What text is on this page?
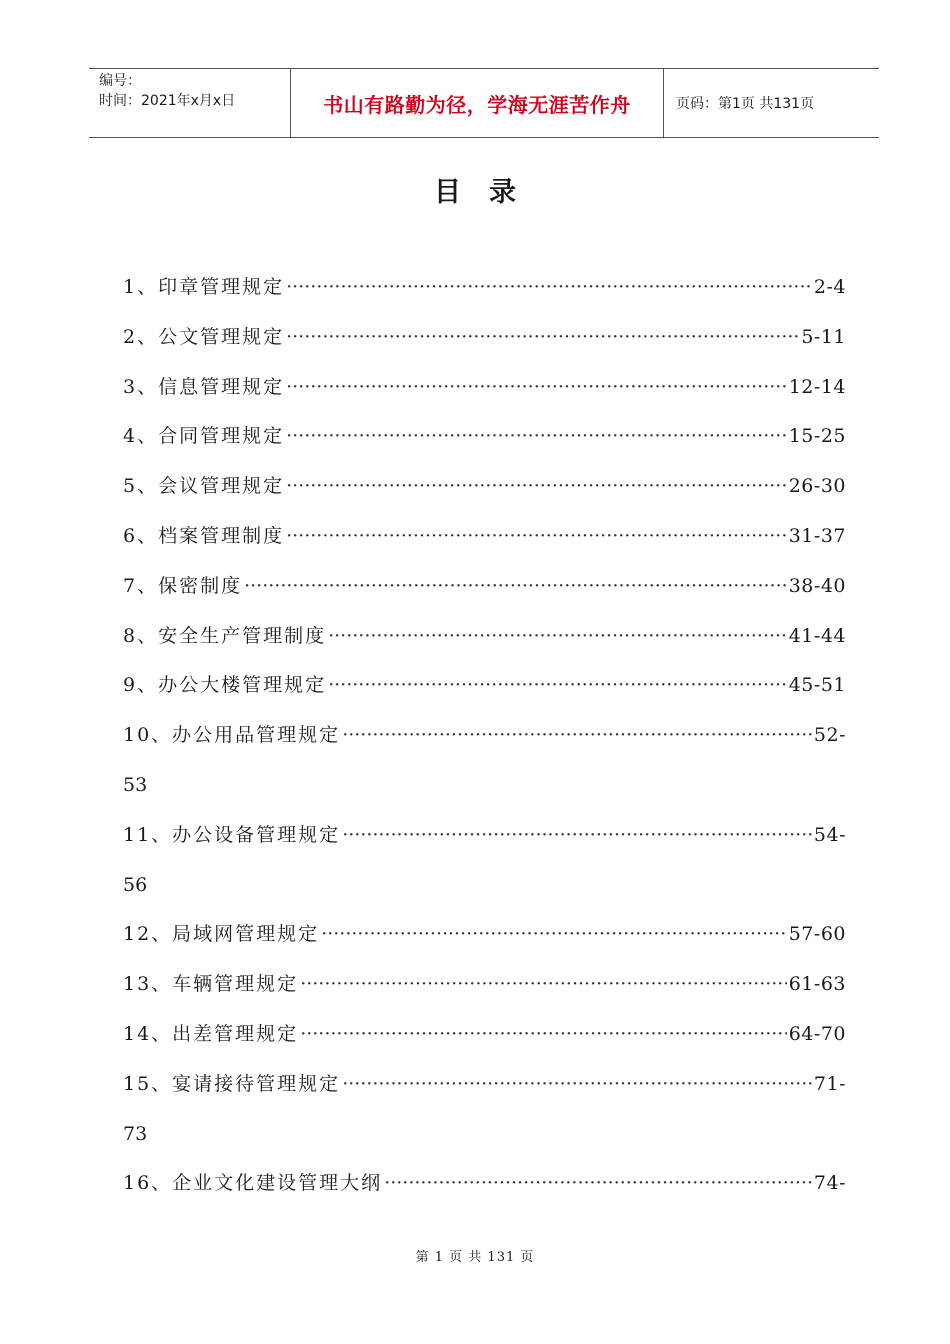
编号：
时间：2021年x月x日	书山有路勤为径，学海无涯苦作舟	页码：第1页 共131页
目录
1、印章管理规定 ·····	2-4
2、公文管理规定 ·····	5-11
3、信息管理规定 ·····	12-14
4、合同管理规定 ·····	15-25
5、会议管理规定 ·····	26-30
6、档案管理制度 ·····	31-37
7、保密制度 ·····	38-40
8、安全生产管理制度 ·····	41-44
9、办公大楼管理规定 ·····	45-51
10、办公用品管理规定 ·····	52-
53
11、办公设备管理规定 ·····	54-
56
12、局域网管理规定 ·····	57-60
13、车辆管理规定 ·····	61-63
14、出差管理规定 ·····	64-70
15、宴请接待管理规定 ·····	71-
73
16、企业文化建设管理大纲 ·····	74-
第 1 页 共 131 页
